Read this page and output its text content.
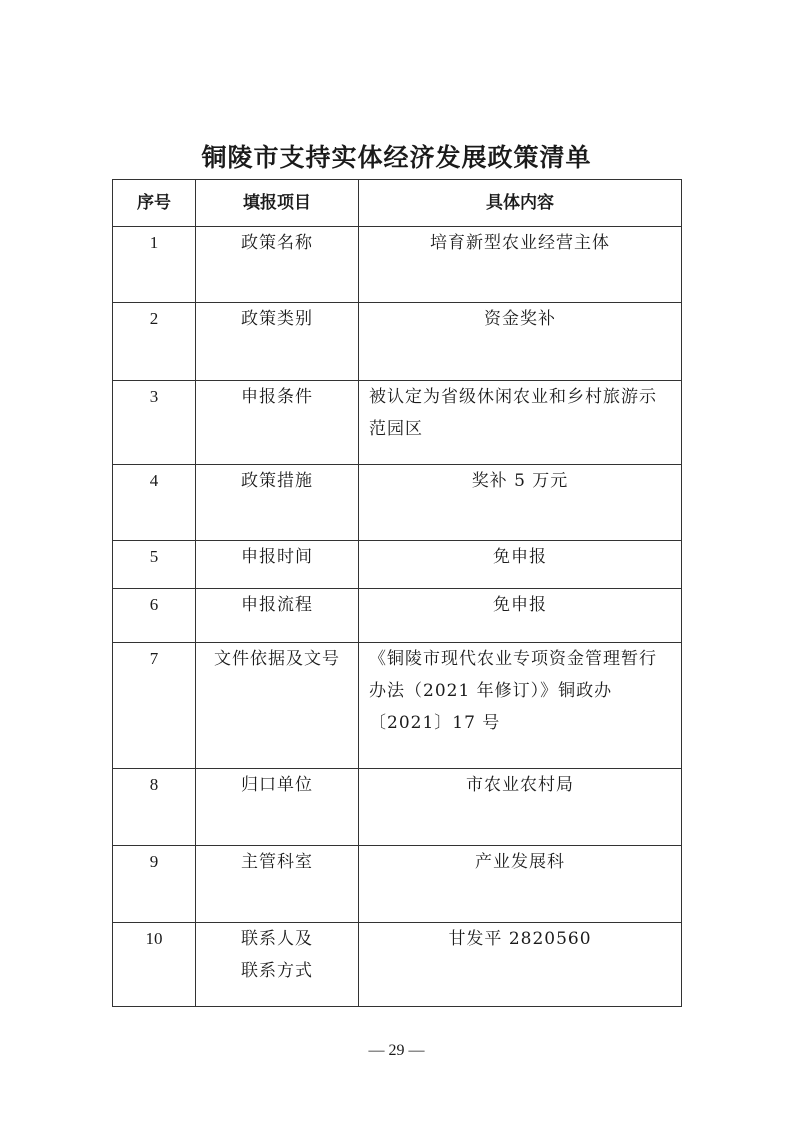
铜陵市支持实体经济发展政策清单
序号	填报项目	具体内容
1	政策名称	培育新型农业经营主体
2	政策类别	资金奖补
3	申报条件	被认定为省级休闲农业和乡村旅游示范园区
4	政策措施	奖补 5 万元
5	申报时间	免申报
6	申报流程	免申报
7	文件依据及文号	《铜陵市现代农业专项资金管理暂行办法（2021 年修订）》铜政办〔2021〕17 号
8	归口单位	市农业农村局
9	主管科室	产业发展科
10	联系人及联系方式	甘发平 2820560
— 29 —
